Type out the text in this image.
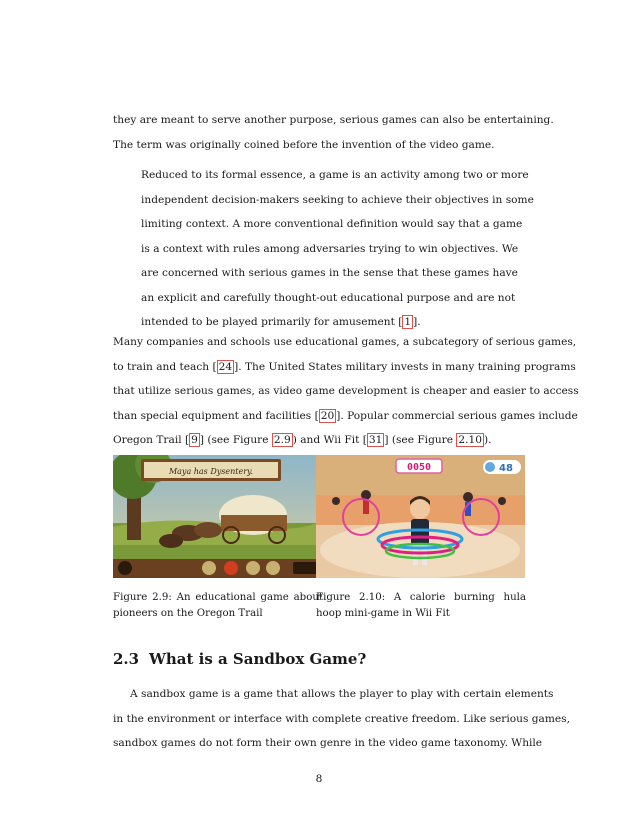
they are meant to serve another purpose, serious games can also be entertaining.
The term was originally coined before the invention of the video game.
Reduced to its formal essence, a game is an activity among two or more
independent decision-makers seeking to achieve their objectives in some
limiting context. A more conventional definition would say that a game
is a context with rules among adversaries trying to win objectives. We
are concerned with serious games in the sense that these games have
an explicit and carefully thought-out educational purpose and are not
intended to be played primarily for amusement [ 1 ].
Many companies and schools use educational games, a subcategory of serious games,
to train and teach [ 24 ]. The United States military invests in many training programs
that utilize serious games, as video game development is cheaper and easier to access
than special equipment and facilities [ 20 ]. Popular commercial serious games include
Oregon Trail [ 9 ] (see Figure 2.9 ) and Wii Fit [ 31 ] (see Figure 2.10 ).
Maya has Dysentery.
Figure 2.9: An educational game about pioneers on the Oregon Trail
0050	48
Figure 2.10: A calorie burning hula hoop mini-game in Wii Fit
2.3 What is a Sandbox Game?
A sandbox game is a game that allows the player to play with certain elements
in the environment or interface with complete creative freedom. Like serious games,
sandbox games do not form their own genre in the video game taxonomy. While
8
